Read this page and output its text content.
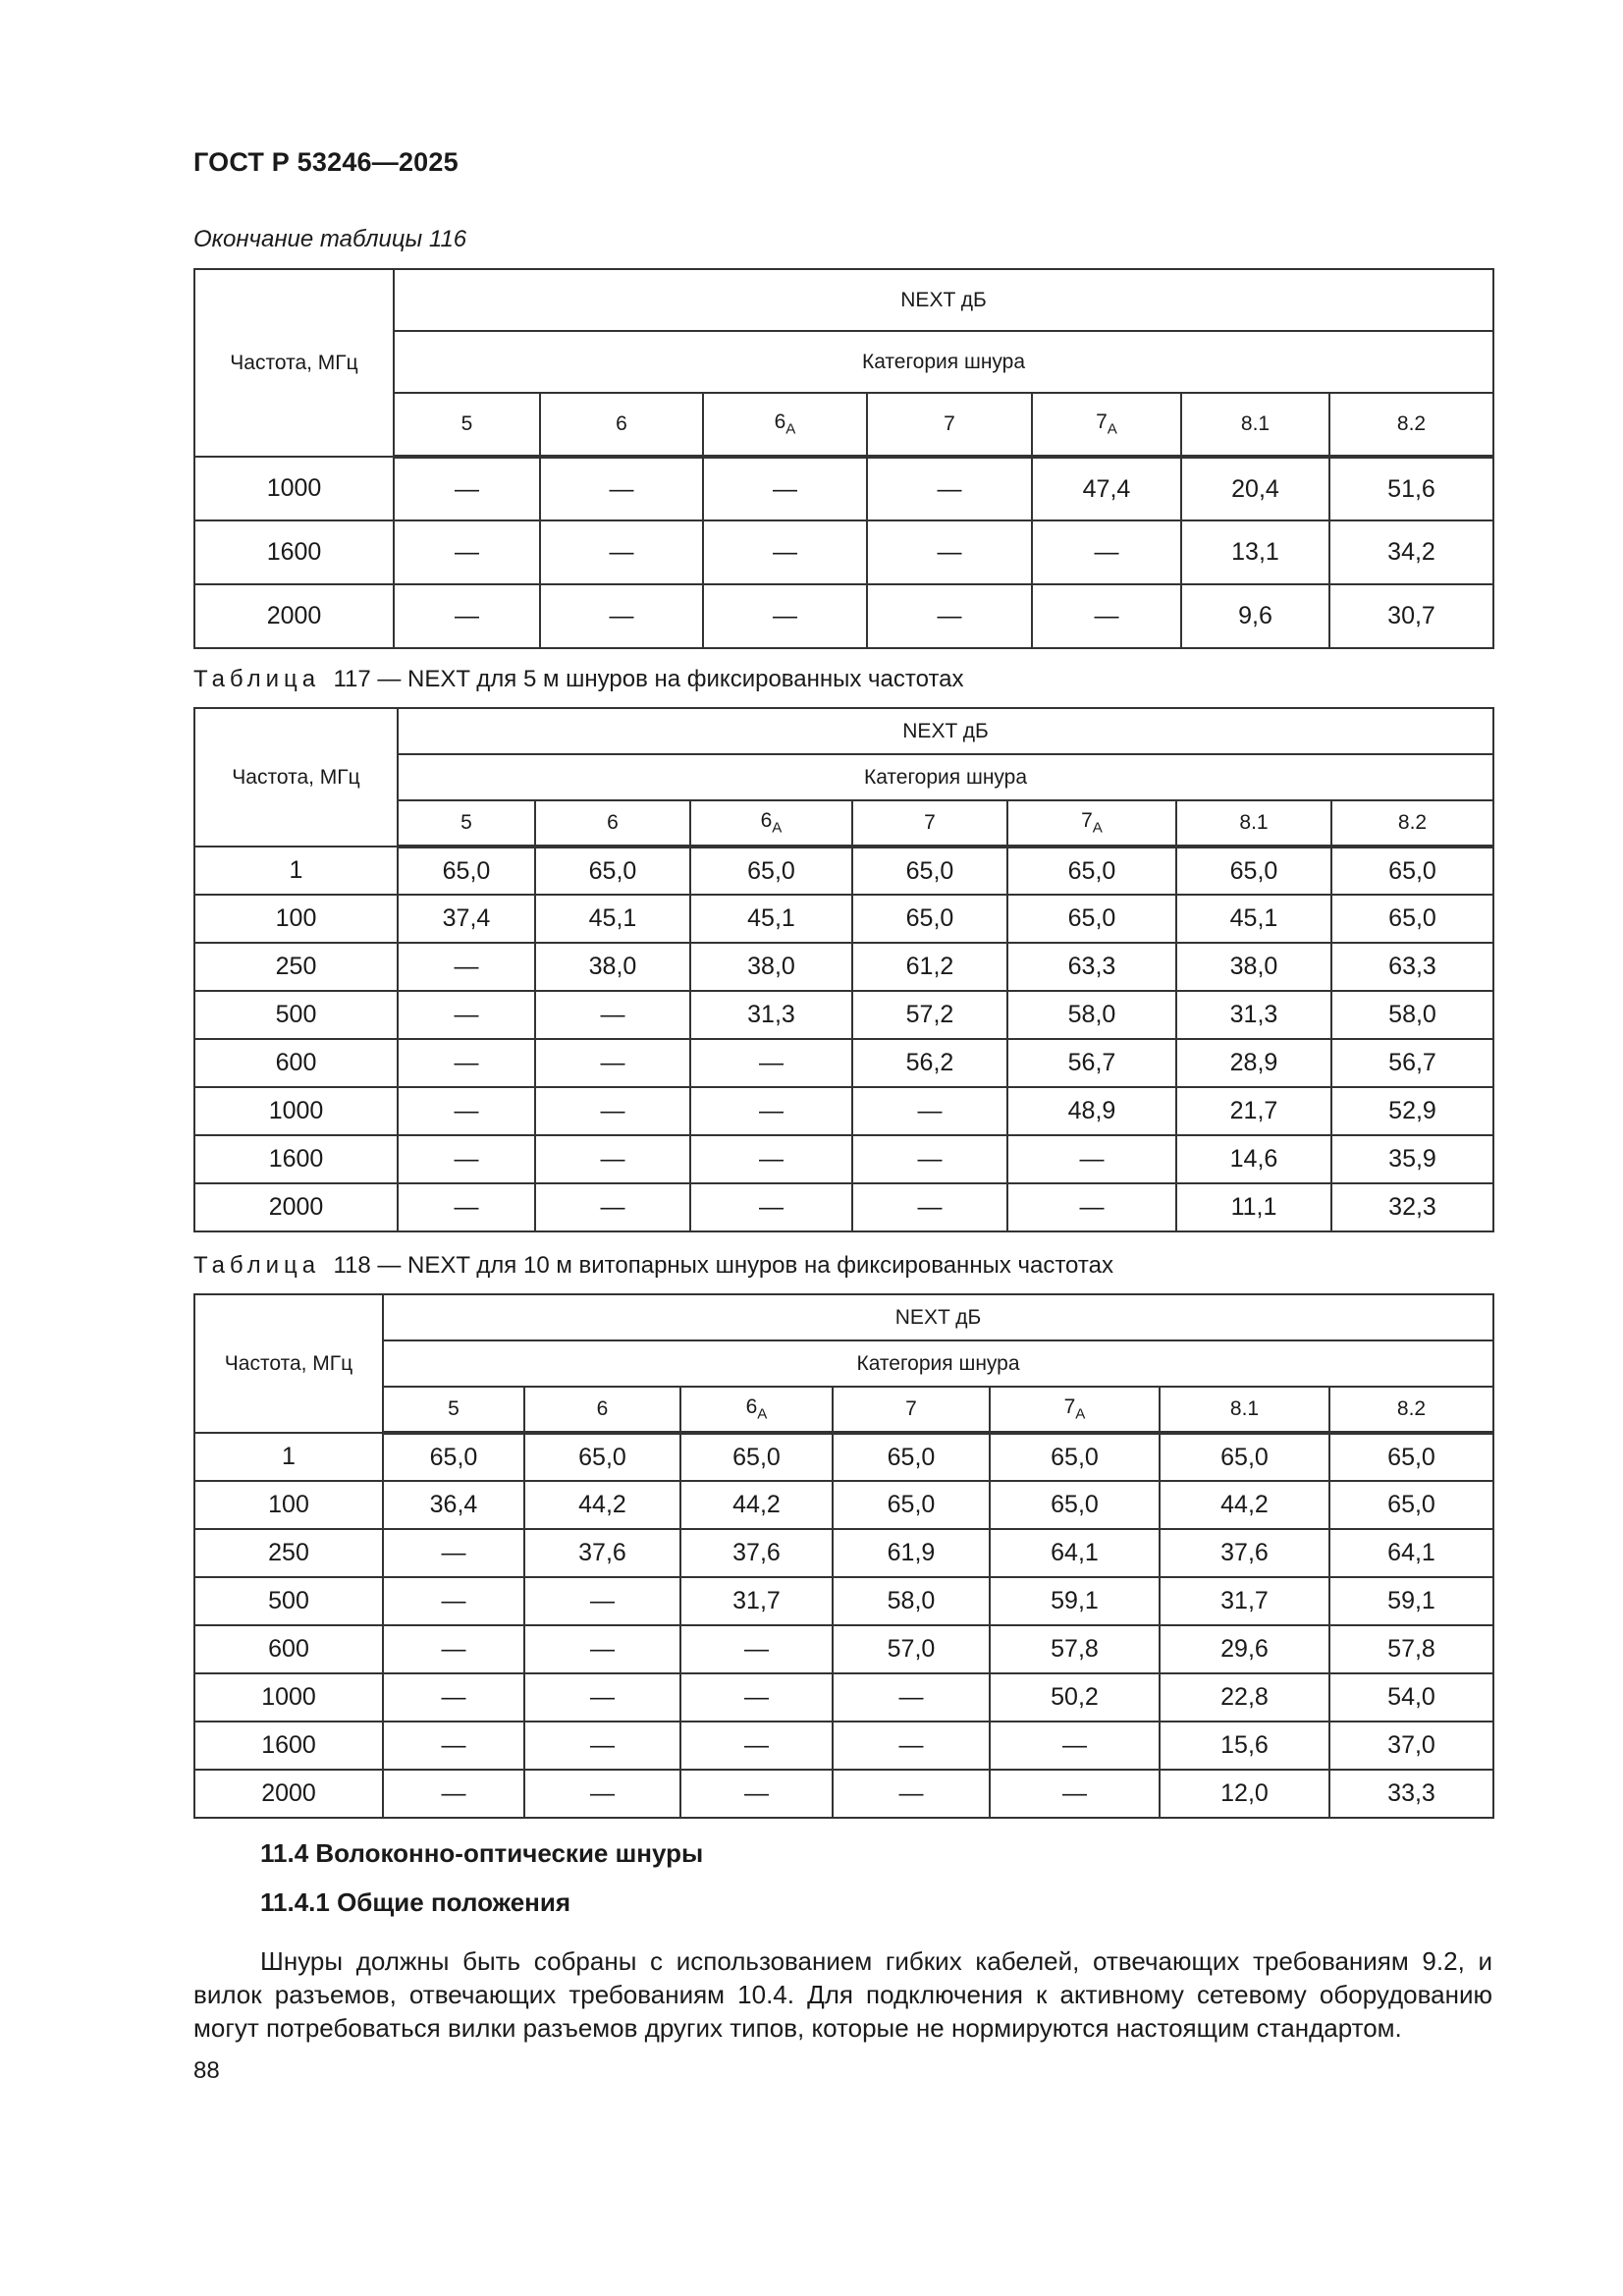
ГОСТ Р 53246—2025
Окончание таблицы 116
Частота, МГц	NEXT дБ						
	Категория шнура						
	5	6	$6_A$	7	$7_A$	8.1	8.2
1000	—	—	—	—	47,4	20,4	51,6
1600	—	—	—	—	—	13,1	34,2
2000	—	—	—	—	—	9,6	30,7
Таблица 117 — NEXT для 5 м шнуров на фиксированных частотах
Частота, МГц	NEXT дБ						
	Категория шнура						
	5	6	$6_A$	7	$7_A$	8.1	8.2
1	65,0	65,0	65,0	65,0	65,0	65,0	65,0
100	37,4	45,1	45,1	65,0	65,0	45,1	65,0
250	—	38,0	38,0	61,2	63,3	38,0	63,3
500	—	—	31,3	57,2	58,0	31,3	58,0
600	—	—	—	56,2	56,7	28,9	56,7
1000	—	—	—	—	48,9	21,7	52,9
1600	—	—	—	—	—	14,6	35,9
2000	—	—	—	—	—	11,1	32,3
Таблица 118 — NEXT для 10 м витопарных шнуров на фиксированных частотах
Частота, МГц	NEXT дБ						
	Категория шнура						
	5	6	$6_A$	7	$7_A$	8.1	8.2
1	65,0	65,0	65,0	65,0	65,0	65,0	65,0
100	36,4	44,2	44,2	65,0	65,0	44,2	65,0
250	—	37,6	37,6	61,9	64,1	37,6	64,1
500	—	—	31,7	58,0	59,1	31,7	59,1
600	—	—	—	57,0	57,8	29,6	57,8
1000	—	—	—	—	50,2	22,8	54,0
1600	—	—	—	—	—	15,6	37,0
2000	—	—	—	—	—	12,0	33,3
11.4 Волоконно-оптические шнуры
11.4.1 Общие положения

Шнуры должны быть собраны с использованием гибких кабелей, отвечающих требованиям 9.2, и вилок разъемов, отвечающих требованиям 10.4. Для подключения к активному сетевому оборудованию могут потребоваться вилки разъемов других типов, которые не нормируются настоящим стандартом.

88
